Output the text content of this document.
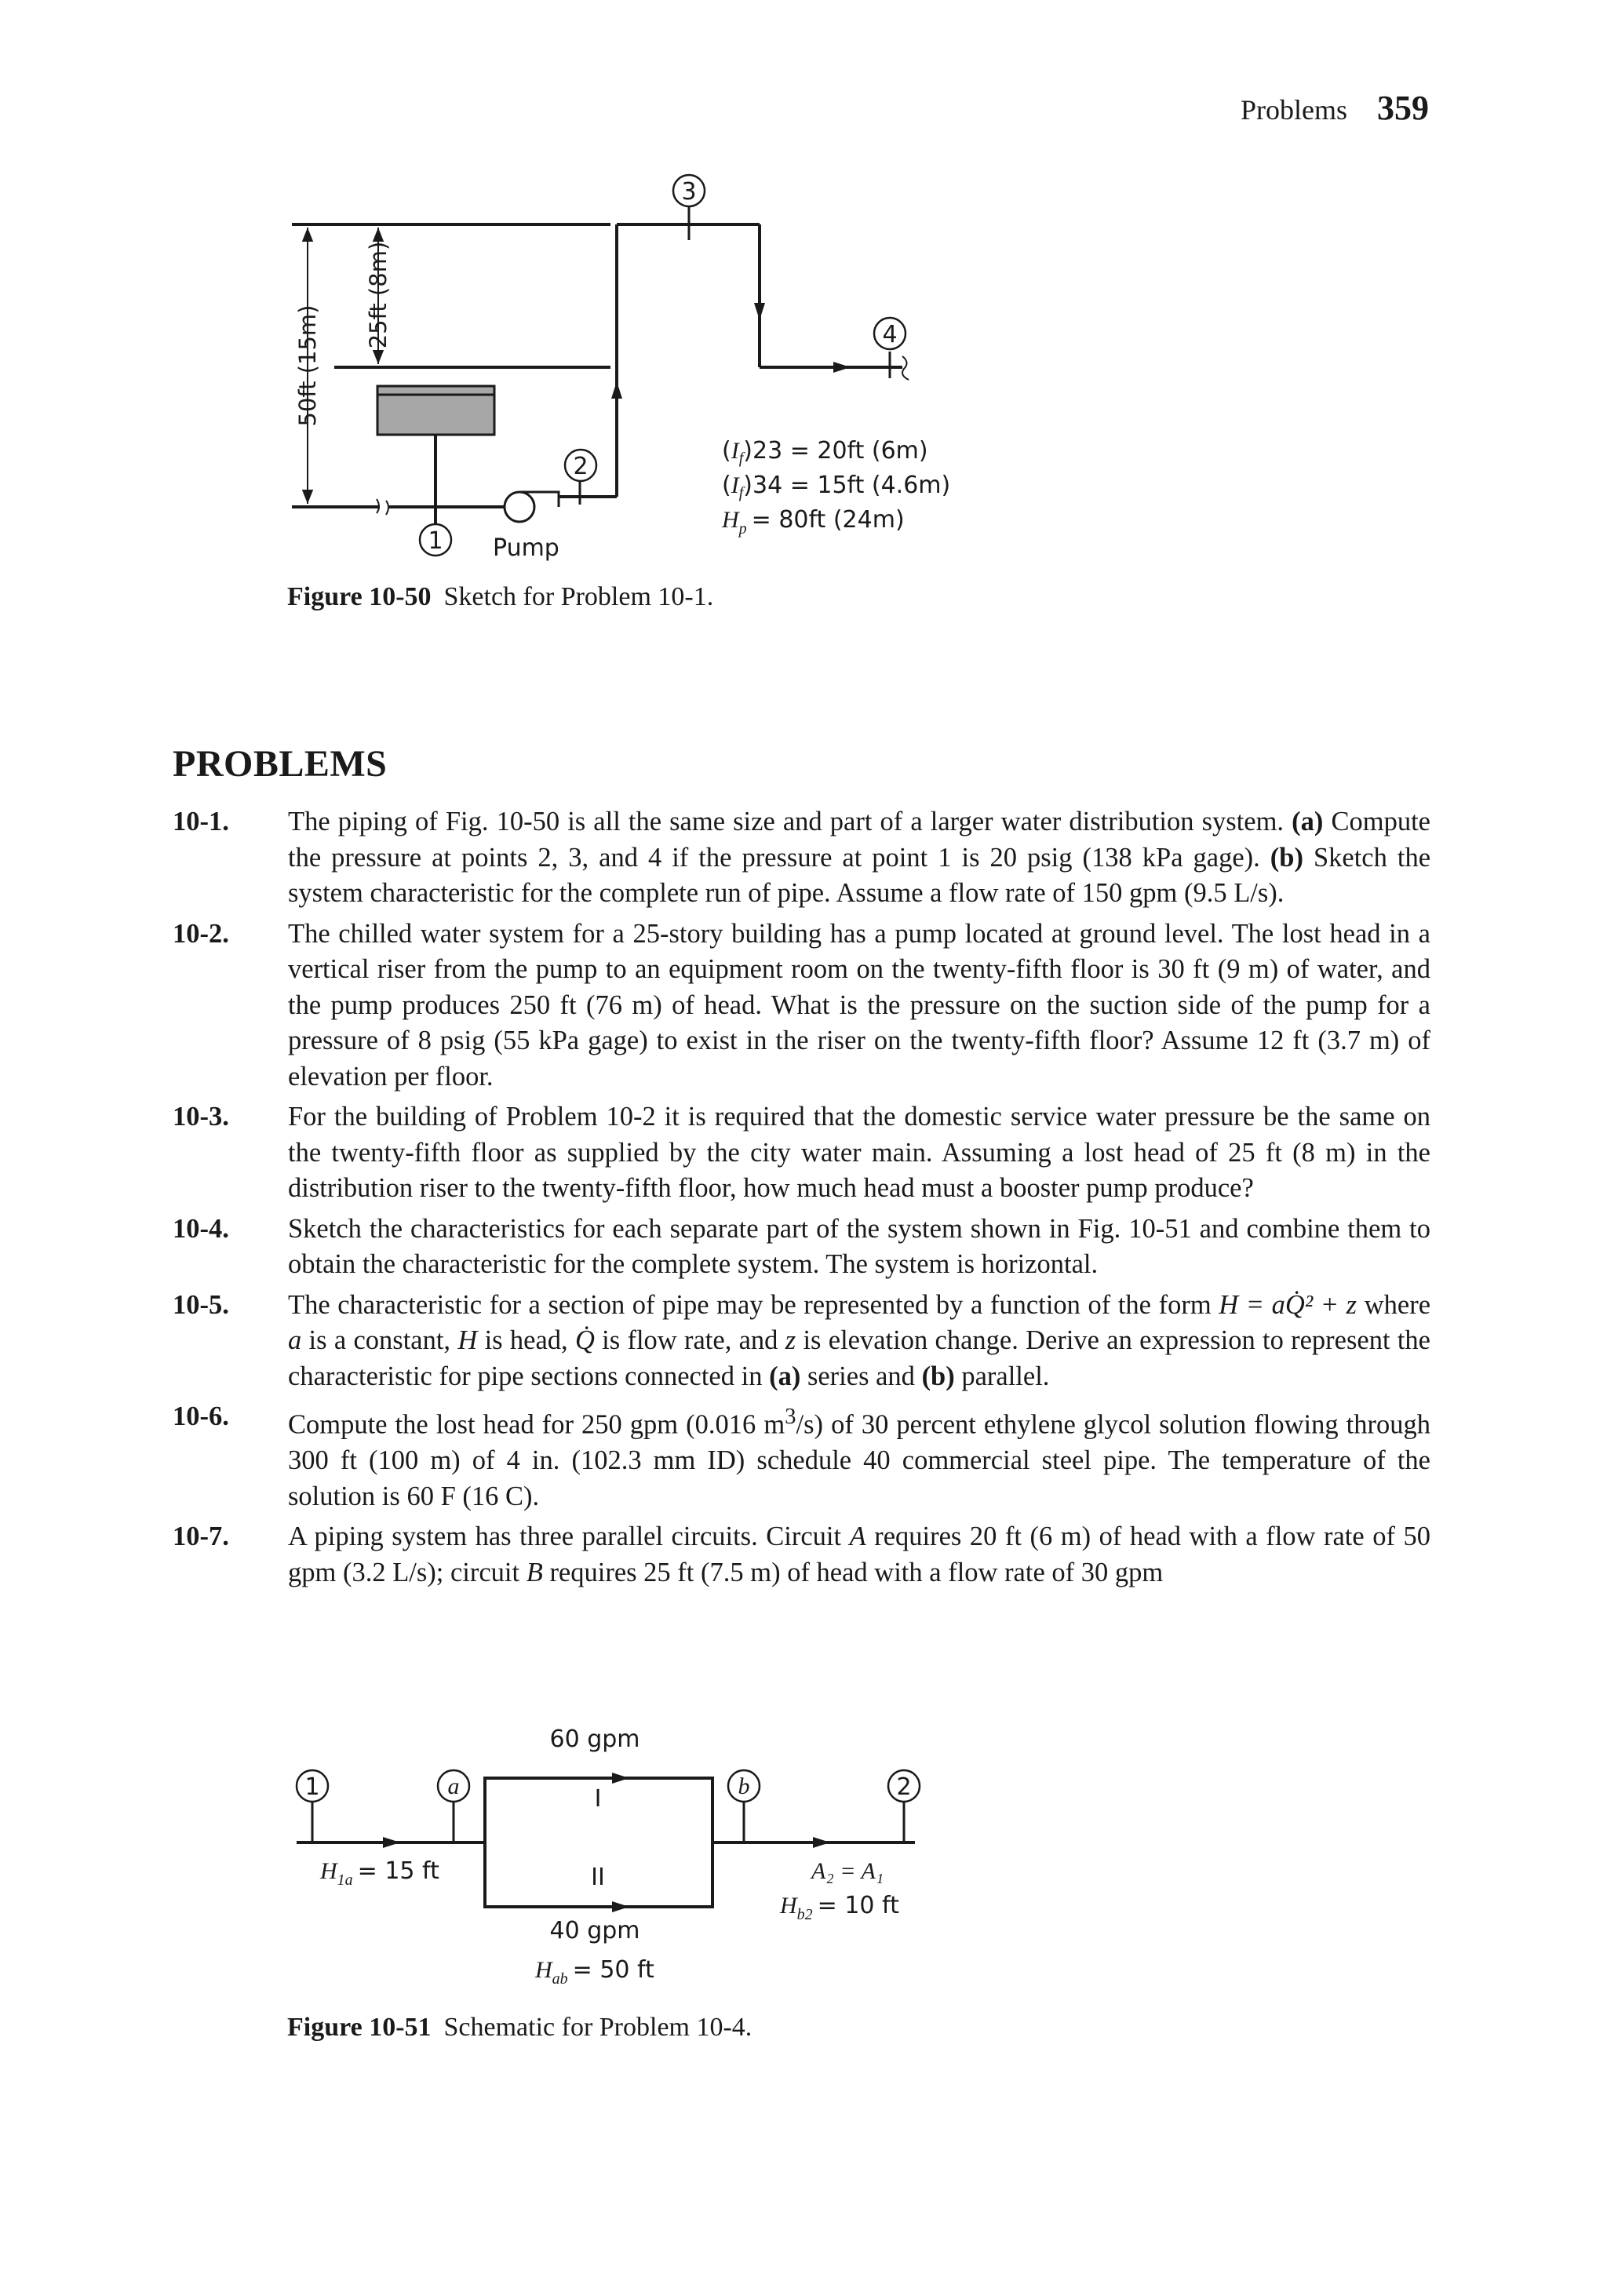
Problems 359
3
4
2
1
50ft (15m)
25ft (8m)
Pump
$(I_f)23 = 20ft$ (6m)
$(I_f)34 = 15ft$ (4.6m)
$H_p = 80ft$ (24m)
Figure 10-50 Sketch for Problem 10-1.
PROBLEMS
10-1.	The piping of Fig. 10-50 is all the same size and part of a larger water distribution system. (a) Compute the pressure at points 2, 3, and 4 if the pressure at point 1 is 20 psig (138 kPa gage). (b) Sketch the system characteristic for the complete run of pipe. Assume a flow rate of 150 gpm (9.5 L/s).
10-2.	The chilled water system for a 25-story building has a pump located at ground level. The lost head in a vertical riser from the pump to an equipment room on the twenty-fifth floor is 30 ft (9 m) of water, and the pump produces 250 ft (76 m) of head. What is the pressure on the suction side of the pump for a pressure of 8 psig (55 kPa gage) to exist in the riser on the twenty-fifth floor? Assume 12 ft (3.7 m) of elevation per floor.
10-3.	For the building of Problem 10-2 it is required that the domestic service water pressure be the same on the twenty-fifth floor as supplied by the city water main. Assuming a lost head of 25 ft (8 m) in the distribution riser to the twenty-fifth floor, how much head must a booster pump produce?
10-4.	Sketch the characteristics for each separate part of the system shown in Fig. 10-51 and combine them to obtain the characteristic for the complete system. The system is horizontal.
10-5.	The characteristic for a section of pipe may be represented by a function of the form H = aQ̇² + z where a is a constant, H is head, Q̇ is flow rate, and z is elevation change. Derive an expression to represent the characteristic for pipe sections connected in (a) series and (b) parallel.
10-6.	Compute the lost head for 250 gpm (0.016 $m^3/s$) of 30 percent ethylene glycol solution flowing through 300 ft (100 m) of 4 in. (102.3 mm ID) schedule 40 commercial steel pipe. The temperature of the solution is 60 F (16 C).
10-7.	A piping system has three parallel circuits. Circuit A requires 20 ft (6 m) of head with a flow rate of 50 gpm (3.2 L/s); circuit B requires 25 ft (7.5 m) of head with a flow rate of 30 gpm
1	a	b	2
60 gpm
I
II
40 gpm
$H_{1a} = 15$ ft	A₂ = A₁
$H_{b2} = 10$ ft
$H_{ab} = 50$ ft
Figure 10-51 Schematic for Problem 10-4.
